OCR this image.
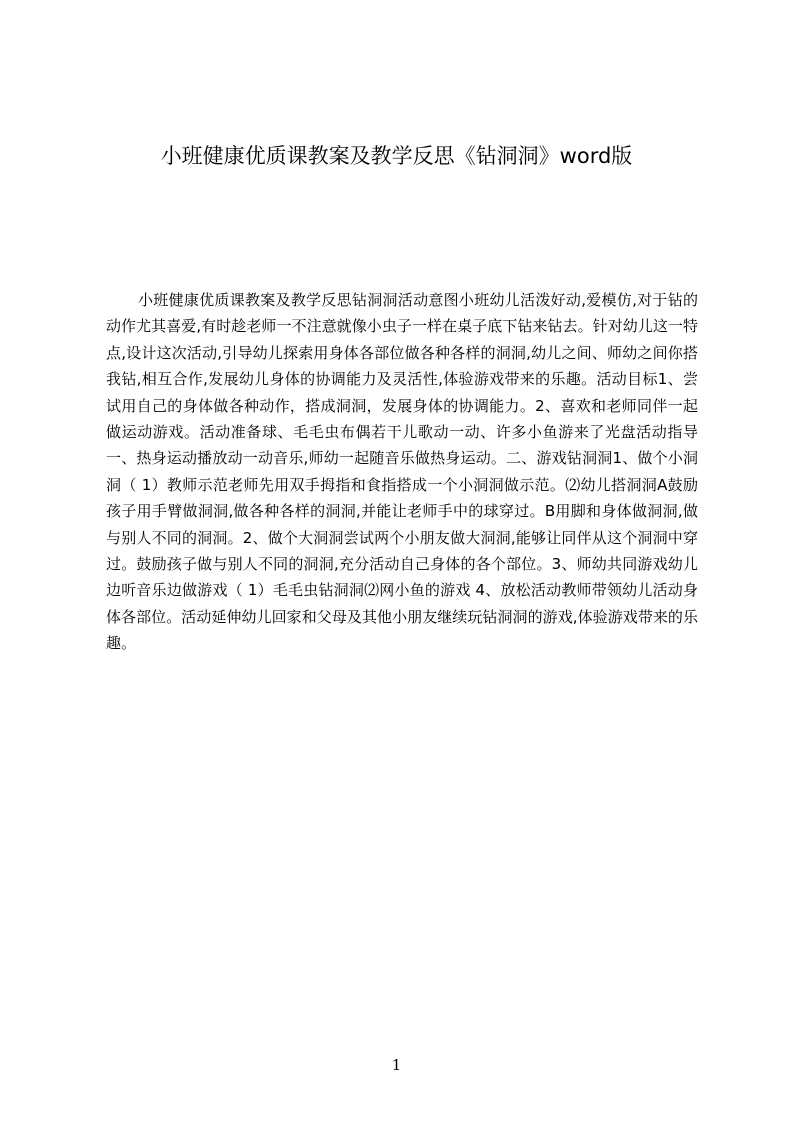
小班健康优质课教案及教学反思《钻洞洞》word版

小班健康优质课教案及教学反思钻洞洞活动意图小班幼儿活泼好动,爱模仿,对于钻的动作尤其喜爱,有时趁老师一不注意就像小虫子一样在桌子底下钻来钻去。针对幼儿这一特点,设计这次活动,引导幼儿探索用身体各部位做各种各样的洞洞,幼儿之间、师幼之间你搭我钻,相互合作,发展幼儿身体的协调能力及灵活性,体验游戏带来的乐趣。活动目标1、尝试用自己的身体做各种动作，搭成洞洞，发展身体的协调能力。2、喜欢和老师同伴一起做运动游戏。活动准备球、毛毛虫布偶若干儿歌动一动、许多小鱼游来了光盘活动指导一、热身运动播放动一动音乐,师幼一起随音乐做热身运动。二、游戏钻洞洞1、做个小洞洞（ 1）教师示范老师先用双手拇指和食指搭成一个小洞洞做示范。⑵幼儿搭洞洞A鼓励孩子用手臂做洞洞,做各种各样的洞洞,并能让老师手中的球穿过。B用脚和身体做洞洞,做与别人不同的洞洞。2、做个大洞洞尝试两个小朋友做大洞洞,能够让同伴从这个洞洞中穿过。鼓励孩子做与别人不同的洞洞,充分活动自己身体的各个部位。3、师幼共同游戏幼儿边听音乐边做游戏（ 1）毛毛虫钻洞洞⑵网小鱼的游戏 4、放松活动教师带领幼儿活动身体各部位。活动延伸幼儿回家和父母及其他小朋友继续玩钻洞洞的游戏,体验游戏带来的乐趣。

1
